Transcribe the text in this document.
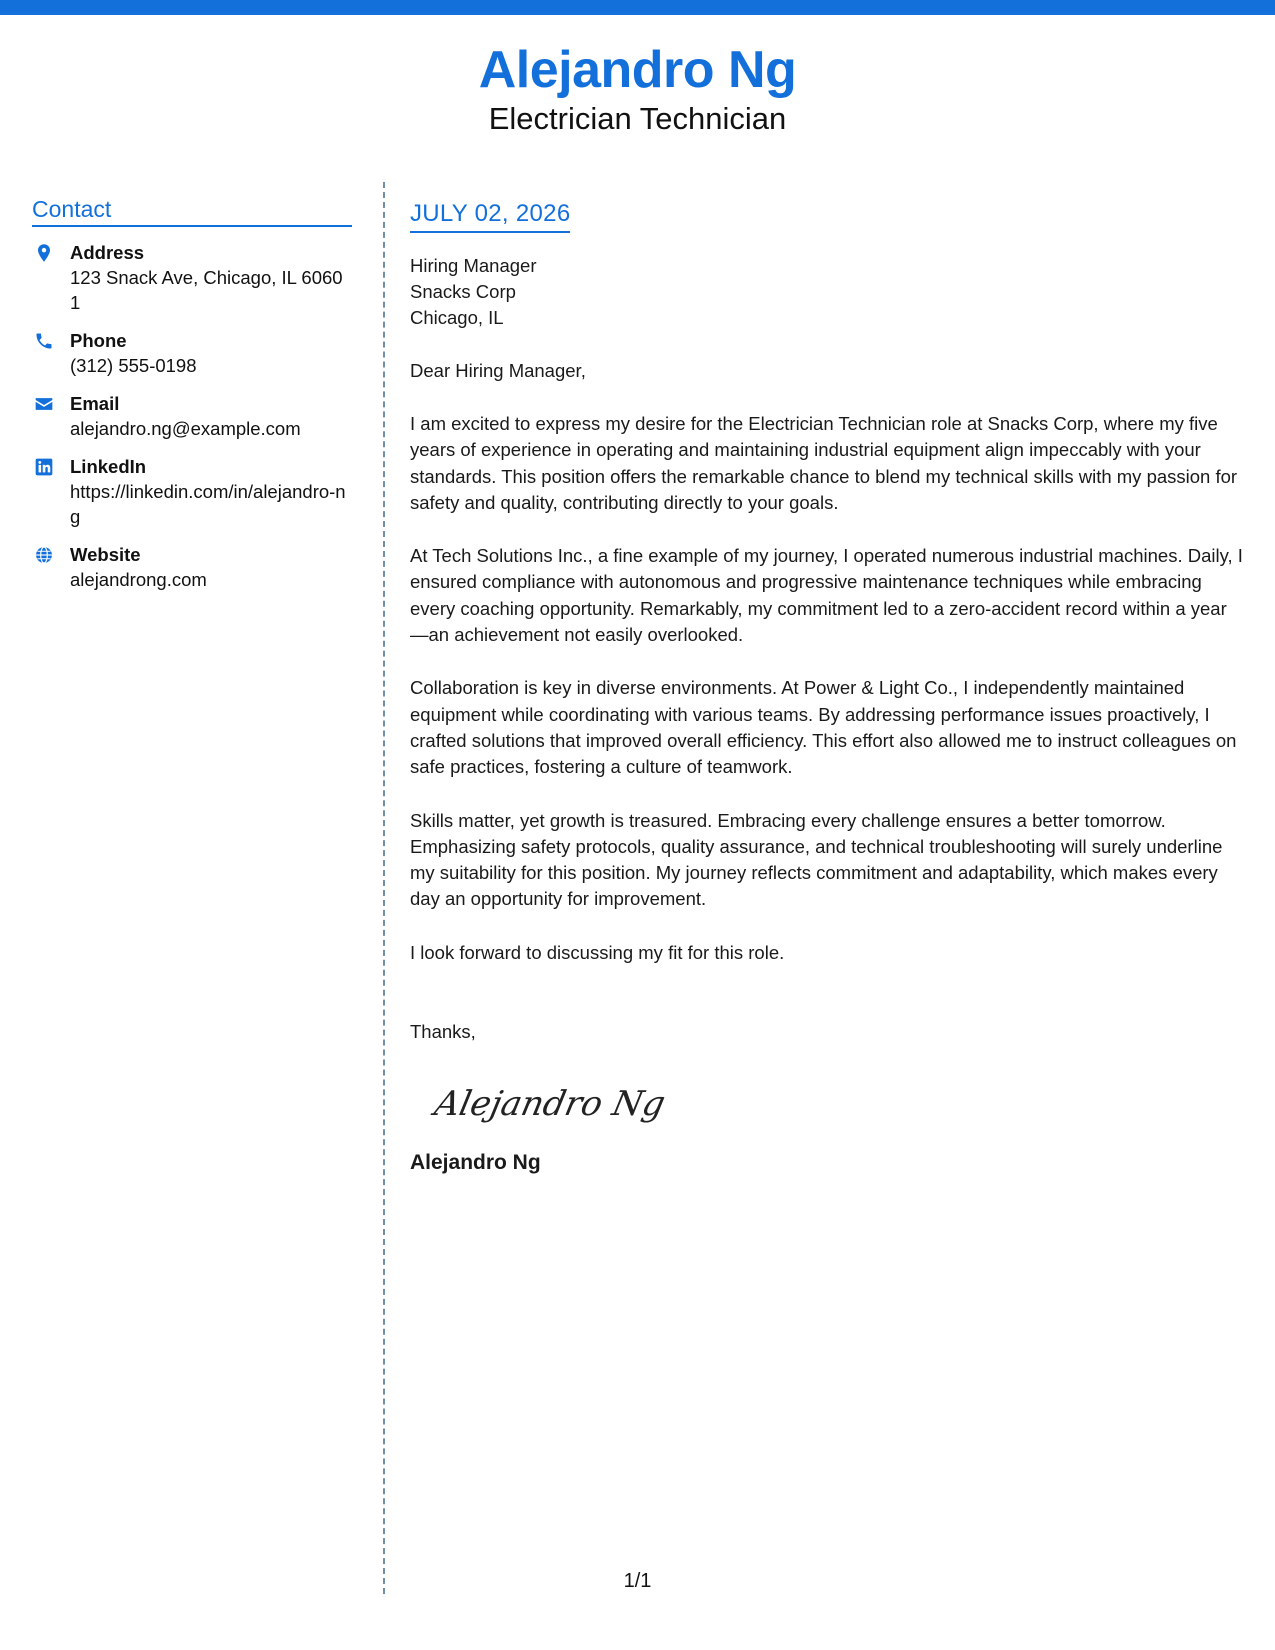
Alejandro Ng
Electrician Technician
Contact
Address
123 Snack Ave, Chicago, IL 60601
Phone
(312) 555-0198
Email
alejandro.ng@example.com
LinkedIn
https://linkedin.com/in/alejandro-ng
Website
alejandrong.com
JULY 02, 2026
Hiring Manager
Snacks Corp
Chicago, IL
Dear Hiring Manager,
I am excited to express my desire for the Electrician Technician role at Snacks Corp, where my five years of experience in operating and maintaining industrial equipment align impeccably with your standards. This position offers the remarkable chance to blend my technical skills with my passion for safety and quality, contributing directly to your goals.
At Tech Solutions Inc., a fine example of my journey, I operated numerous industrial machines. Daily, I ensured compliance with autonomous and progressive maintenance techniques while embracing every coaching opportunity. Remarkably, my commitment led to a zero-accident record within a year—an achievement not easily overlooked.
Collaboration is key in diverse environments. At Power & Light Co., I independently maintained equipment while coordinating with various teams. By addressing performance issues proactively, I crafted solutions that improved overall efficiency. This effort also allowed me to instruct colleagues on safe practices, fostering a culture of teamwork.
Skills matter, yet growth is treasured. Embracing every challenge ensures a better tomorrow. Emphasizing safety protocols, quality assurance, and technical troubleshooting will surely underline my suitability for this position. My journey reflects commitment and adaptability, which makes every day an opportunity for improvement.
I look forward to discussing my fit for this role.
Thanks,
Alejandro Ng
Alejandro Ng
1/1
